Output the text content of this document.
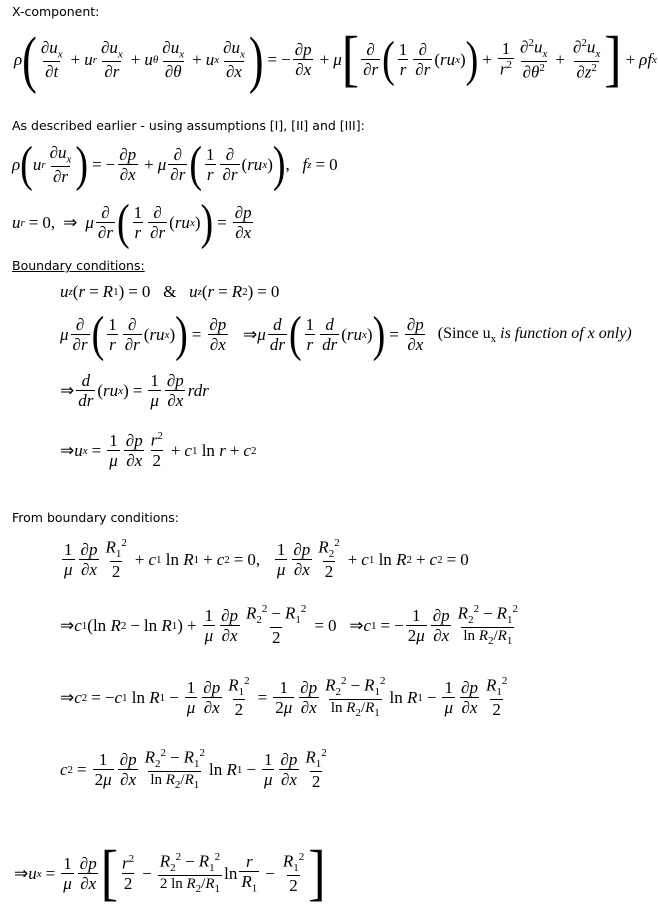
X-component:
ρ ( $\frac{\partial u_x}{\partial t} + u$ r $\frac{\partial u_x}{\partial r} + u$ θ $\frac{\partial u_x}{\partial\theta} + u$ x $\frac{\partial u_x}{\partial x}$ ) = − $\frac{\partial p}{\partial x} + \mu$ [ $\frac{\partial}{\partial r}$ ( $\frac{1}{r} \frac{\partial}{\partial r}$ ( ru x ) ) + $\frac{1}{r^2} \frac{\partial^2u_x}{\partial\theta^2} + \frac{\partial^2u_x}{\partial z^2}$ ] + ρf x
As described earlier - using assumptions [I], [II] and [III]:
ρ ( u r $\frac{\partial u_x}{\partial r}$ ) = − $\frac{\partial p}{\partial x} + \mu \frac{\partial}{\partial r}$ ( $\frac{1}{r} \frac{\partial}{\partial r}$ ( ru x ) ) , f z = 0
u r = 0, ⇒ μ $\frac{\partial}{\partial r}$ ( $\frac{1}{r} \frac{\partial}{\partial r}$ ( ru x ) ) = $\frac{\partial p}{\partial x}$
Boundary conditions:
u z ( r = R 1 ) = 0   & u z ( r = R 2 ) = 0
μ $\frac{\partial}{\partial r}$ ( $\frac{1}{r} \frac{\partial}{\partial r}$ ( ru x ) ) = $\frac{\partial p}{\partial x}$ ⇒ μ $\frac{d}{dr}$ ( $\frac{1}{r} \frac{d}{dr}$ ( ru x ) ) = $\frac{\partial p}{\partial x}$ (Since $u_x$ is function of x only)
⇒ $\frac{d}{dr}$ ( ru x ) = $\frac{1}{\mu} \frac{\partial p}{\partial x}$ rdr
⇒ u $x = \frac{1}{\mu} \frac{\partial p}{\partial x} \frac{r^2}{2} + c$ 1 ln r + c 2
From boundary conditions:
$\frac{1}{\mu} \frac{\partial p}{\partial x} \frac{R_1^2}{2} + c$ 1 ln R 1 + c 2 = 0, $\frac{1}{\mu} \frac{\partial p}{\partial x} \frac{R_2^2}{2} + c$ 1 ln R 2 + c 2 = 0
⇒ c 1 (ln R 2 − ln R 1 ) + $\frac{1}{\mu} \frac{\partial p}{\partial x} \frac{R_2^2 - R_1^2}{2} = 0$   ⇒ c 1 = − $\frac{1}{2\mu} \frac{\partial p}{\partial x} \frac{R_2^2 - R_1^2}{\ln R_2/R_1}$
⇒ c 2 = − c 1 ln R $1 - \frac{1}{\mu} \frac{\partial p}{\partial x} \frac{R_1^2}{2} = \frac{1}{2\mu} \frac{\partial p}{\partial x} \frac{R_2^2 - R_1^2}{\ln R_2/R_1}$ ln R $1 - \frac{1}{\mu} \frac{\partial p}{\partial x} \frac{R_1^2}{2}$
c $2 = \frac{1}{2\mu} \frac{\partial p}{\partial x} \frac{R_2^2 - R_1^2}{\ln R_2/R_1}$ ln R $1 - \frac{1}{\mu} \frac{\partial p}{\partial x} \frac{R_1^2}{2}$
⇒ u $x = \frac{1}{\mu} \frac{\partial p}{\partial x}$ [ $\frac{r^2}{2} - \frac{R_2^2 - R_1^2}{2 \ln R_2/R_1}$ $\ln \frac{r}{R_1} - \frac{R_1^2}{2}$ ]
